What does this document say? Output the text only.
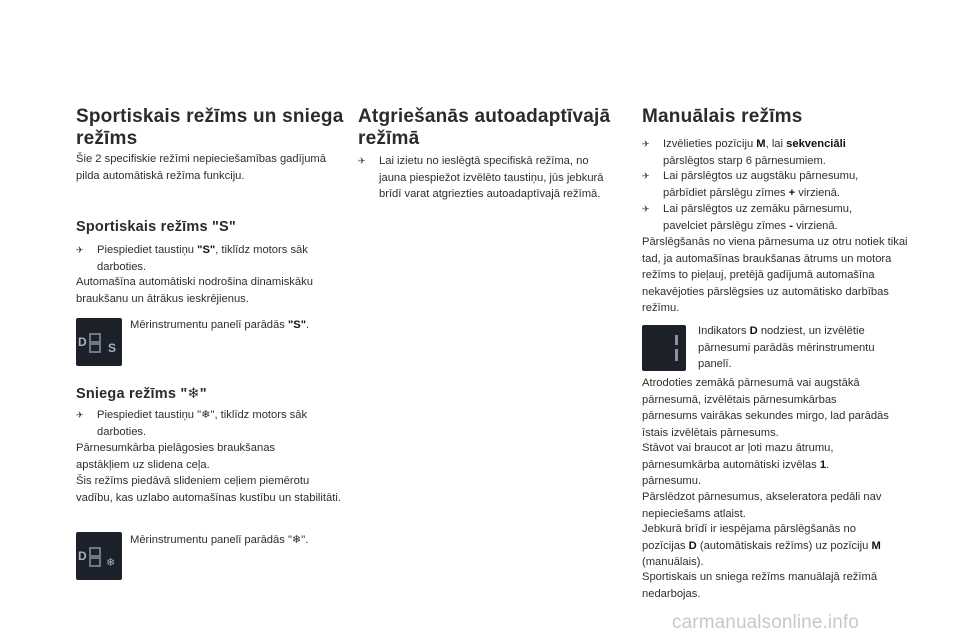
Sportiskais režīms un sniega režīms

Šie 2 specifiskie režīmi nepieciešamības gadījumā pilda automātiskā režīma funkciju.

Sportiskais režīms "S"
✈	Piespiediet taustiņu "S", tiklīdz motors sāk darboties.

Automašīna automātiski nodrošina dinamiskāku braukšanu un ātrākus ieskrējienus.

D S

Mērinstrumentu panelī parādās "S".

Sniega režīms "❄"
✈	Piespiediet taustiņu "❄", tiklīdz motors sāk darboties.

Pārnesumkārba pielāgosies braukšanas apstākļiem uz slidena ceļa.

Šis režīms piedāvā slideniem ceļiem piemērotu vadību, kas uzlabo automašīnas kustību un stabilitāti.

D ❄

Mērinstrumentu panelī parādās "❄".

Atgriešanās autoadaptīvajā režīmā
✈	Lai izietu no ieslēgtā specifiskā režīma, no jauna piespiežot izvēlēto taustiņu, jūs jebkurā brīdī varat atgriezties autoadaptīvajā režīmā.
Manuālais režīms
✈	Izvēlieties pozīciju M, lai sekvenciāli pārslēgtos starp 6 pārnesumiem.
✈	Lai pārslēgtos uz augstāku pārnesumu, pārbīdiet pārslēgu zīmes + virzienā.
✈	Lai pārslēgtos uz zemāku pārnesumu, pavelciet pārslēgu zīmes - virzienā.

Pārslēgšanās no viena pārnesuma uz otru notiek tikai tad, ja automašīnas braukšanas ātrums un motora režīms to pieļauj, pretējā gadījumā automašīna nekavējoties pārslēgsies uz automātisko darbības režīmu.

Indikators D nodziest, un izvēlētie pārnesumi parādās mērinstrumentu panelī.

Atrodoties zemākā pārnesumā vai augstākā pārnesumā, izvēlētais pārnesumkārbas pārnesums vairākas sekundes mirgo, lad parādās īstais izvēlētais pārnesums.

Stāvot vai braucot ar ļoti mazu ātrumu, pārnesumkārba automātiski izvēlas 1.
pārnesumu.

Pārslēdzot pārnesumus, akseleratora pedāli nav nepieciešams atlaist.

Jebkurā brīdī ir iespējama pārslēgšanās no pozīcijas D (automātiskais režīms) uz pozīciju M (manuālais).

Sportiskais un sniega režīms manuālajā režīmā nedarbojas.

carmanualsonline.info
